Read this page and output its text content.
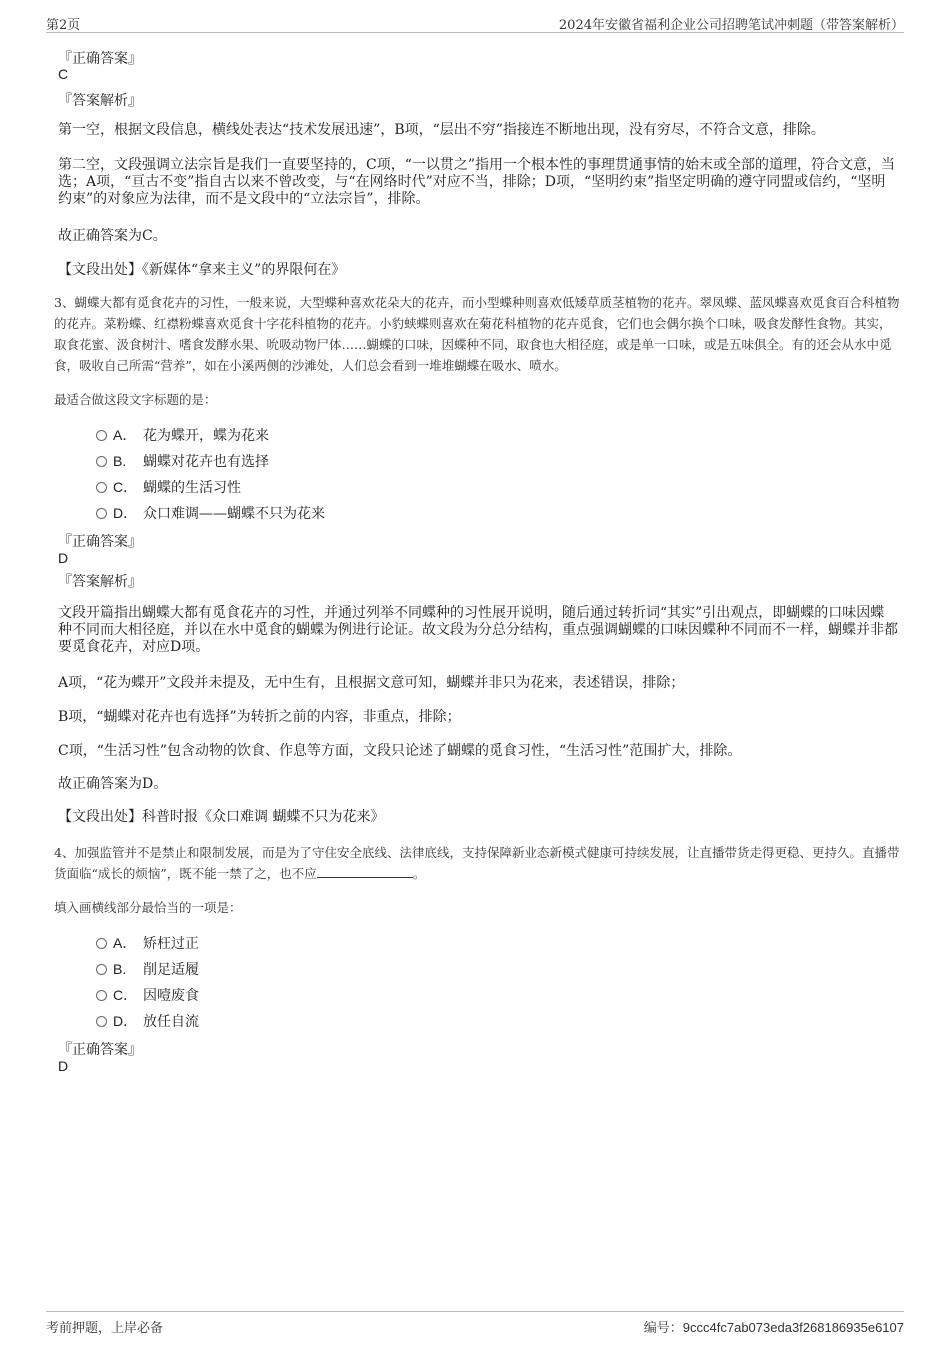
第2页	2024年安徽省福利企业公司招聘笔试冲刺题（带答案解析）
『正确答案』
C
『答案解析』
第一空，根据文段信息，横线处表达“技术发展迅速”，B项，“层出不穷”指接连不断地出现，没有穷尽，不符合文意，排除。
第二空，文段强调立法宗旨是我们一直要坚持的，C项，“一以贯之”指用一个根本性的事理贯通事情的始末或全部的道理，符合文意，当选；A项，“亘古不变”指自古以来不曾改变，与“在网络时代”对应不当，排除；D项，“坚明约束”指坚定明确的遵守同盟或信约，“坚明约束”的对象应为法律，而不是文段中的“立法宗旨”，排除。
故正确答案为C。
【文段出处】《新媒体“拿来主义”的界限何在》
3、蝴蝶大都有觅食花卉的习性，一般来说，大型蝶种喜欢花朵大的花卉，而小型蝶种则喜欢低矮草质茎植物的花卉。翠凤蝶、蓝凤蝶喜欢觅食百合科植物的花卉。菜粉蝶、红襟粉蝶喜欢觅食十字花科植物的花卉。小豹蛱蝶则喜欢在菊花科植物的花卉觅食，它们也会偶尔换个口味，吸食发酵性食物。其实，取食花蜜、汲食树汁、嗜食发酵水果、吮吸动物尸体……蝴蝶的口味，因蝶种不同，取食也大相径庭，或是单一口味，或是五味俱全。有的还会从水中觅食，吸收自己所需“营养”，如在小溪两侧的沙滩处，人们总会看到一堆堆蝴蝶在吸水、喷水。
最适合做这段文字标题的是：
A． 花为蝶开，蝶为花来
B. 蝴蝶对花卉也有选择
C． 蝴蝶的生活习性
D． 众口难调——蝴蝶不只为花来
『正确答案』
D
『答案解析』
文段开篇指出蝴蝶大都有觅食花卉的习性，并通过列举不同蝶种的习性展开说明，随后通过转折词“其实”引出观点，即蝴蝶的口味因蝶种不同而大相径庭，并以在水中觅食的蝴蝶为例进行论证。故文段为分总分结构，重点强调蝴蝶的口味因蝶种不同而不一样，蝴蝶并非都要觅食花卉，对应D项。
A项，“花为蝶开”文段并未提及，无中生有，且根据文意可知，蝴蝶并非只为花来，表述错误，排除；
B项，“蝴蝶对花卉也有选择”为转折之前的内容，非重点，排除；
C项，“生活习性”包含动物的饮食、作息等方面，文段只论述了蝴蝶的觅食习性，“生活习性”范围扩大，排除。
故正确答案为D。
【文段出处】科普时报《众口难调 蝴蝶不只为花来》
4、加强监管并不是禁止和限制发展，而是为了守住安全底线、法律底线，支持保障新业态新模式健康可持续发展，让直播带货走得更稳、更持久。直播带货面临“成长的烦恼”，既不能一禁了之，也不应	。
填入画横线部分最恰当的一项是：
A． 矫枉过正
B. 削足适履
C． 因噎废食
D． 放任自流
『正确答案』
D
考前押题，上岸必备	编号：9ccc4fc7ab073eda3f268186935e6107
